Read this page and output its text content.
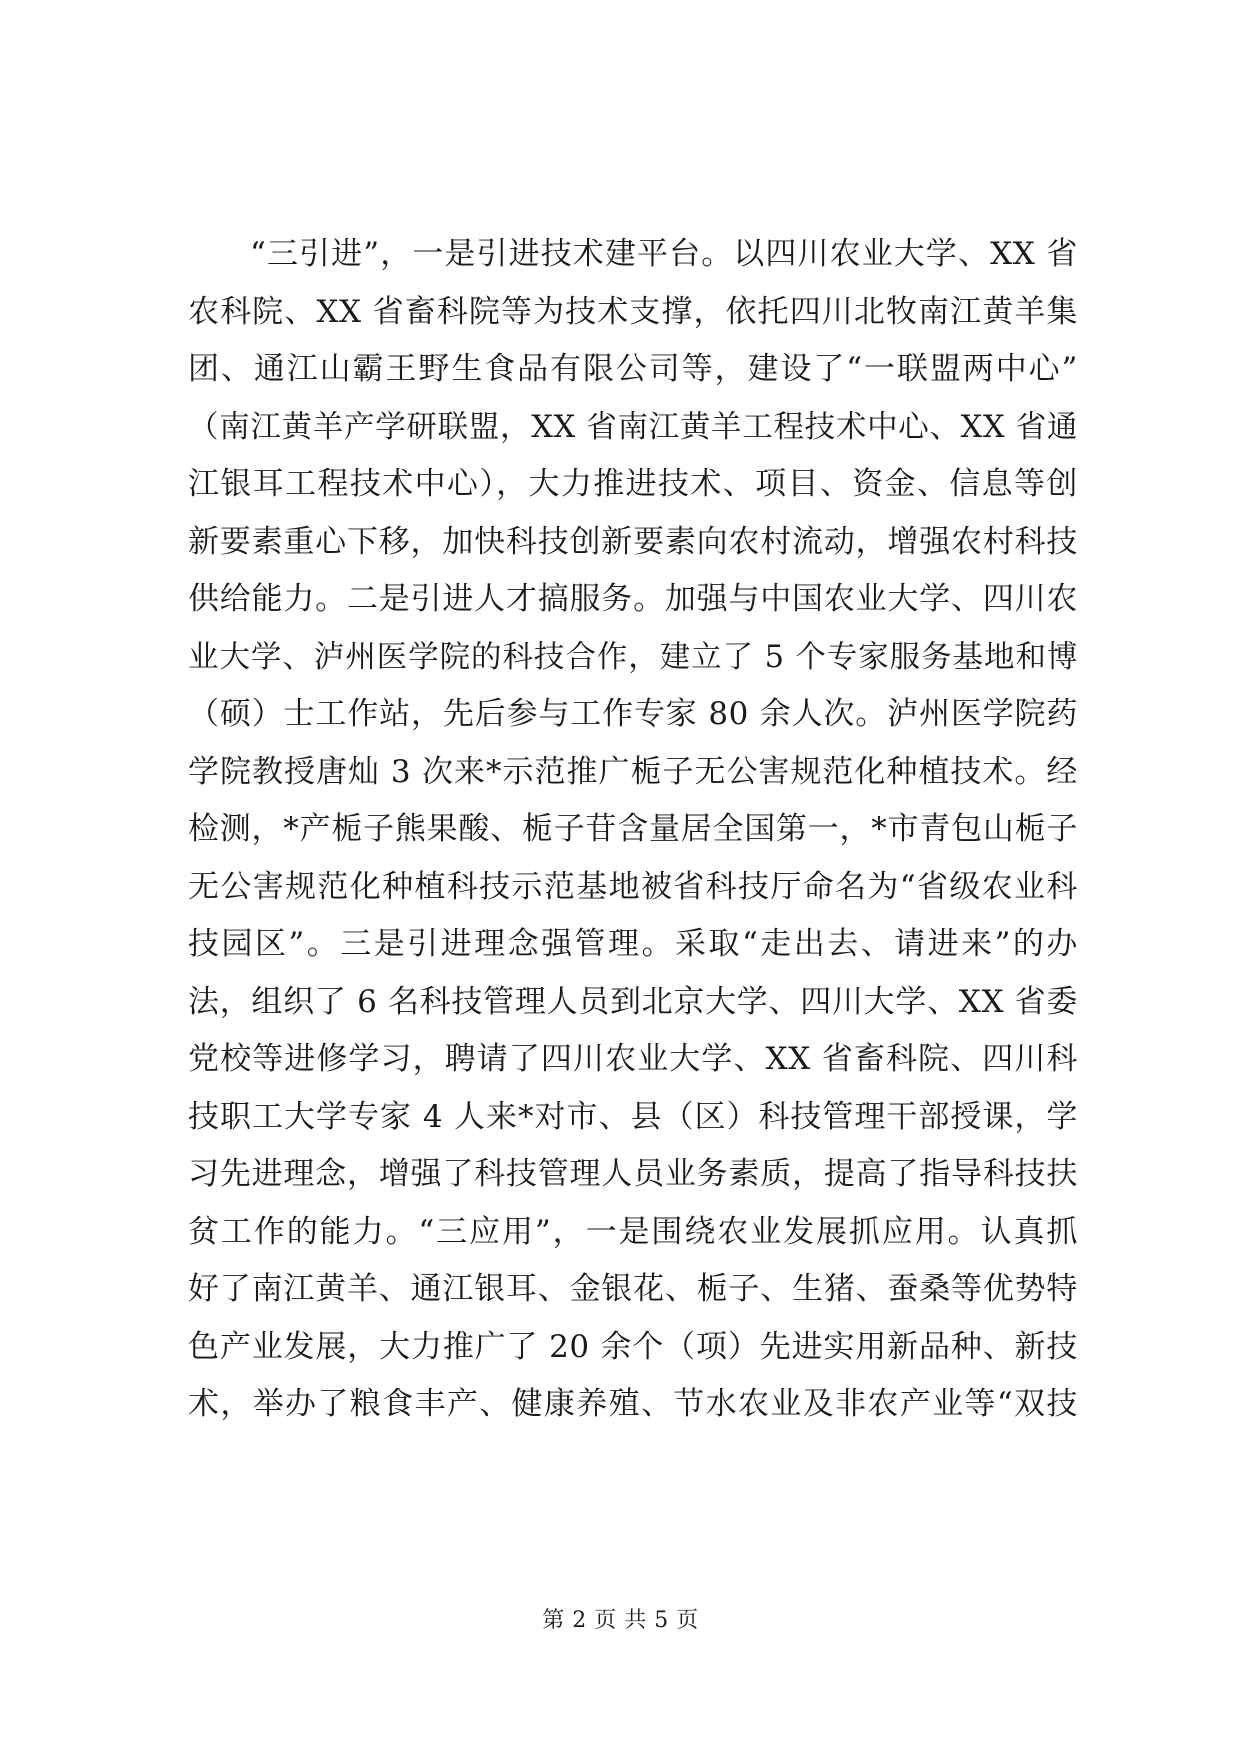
“三引进”，一是引进技术建平台。以四川农业大学、XX 省
农科院、XX 省畜科院等为技术支撑，依托四川北牧南江黄羊集
团、通江山霸王野生食品有限公司等，建设了“一联盟两中心”
（南江黄羊产学研联盟，XX 省南江黄羊工程技术中心、XX 省通
江银耳工程技术中心），大力推进技术、项目、资金、信息等创
新要素重心下移，加快科技创新要素向农村流动，增强农村科技
供给能力。二是引进人才搞服务。加强与中国农业大学、四川农
业大学、泸州医学院的科技合作，建立了 5 个专家服务基地和博
（硕）士工作站，先后参与工作专家 80 余人次。泸州医学院药
学院教授唐灿 3 次来*示范推广栀子无公害规范化种植技术。经
检测，*产栀子熊果酸、栀子苷含量居全国第一，*市青包山栀子
无公害规范化种植科技示范基地被省科技厅命名为“省级农业科
技园区”。三是引进理念强管理。采取“走出去、请进来”的办
法，组织了 6 名科技管理人员到北京大学、四川大学、XX 省委
党校等进修学习，聘请了四川农业大学、XX 省畜科院、四川科
技职工大学专家 4 人来*对市、县（区）科技管理干部授课，学
习先进理念，增强了科技管理人员业务素质，提高了指导科技扶
贫工作的能力。“三应用”，一是围绕农业发展抓应用。认真抓
好了南江黄羊、通江银耳、金银花、栀子、生猪、蚕桑等优势特
色产业发展，大力推广了 20 余个（项）先进实用新品种、新技
术，举办了粮食丰产、健康养殖、节水农业及非农产业等“双技
第 2 页 共 5 页
